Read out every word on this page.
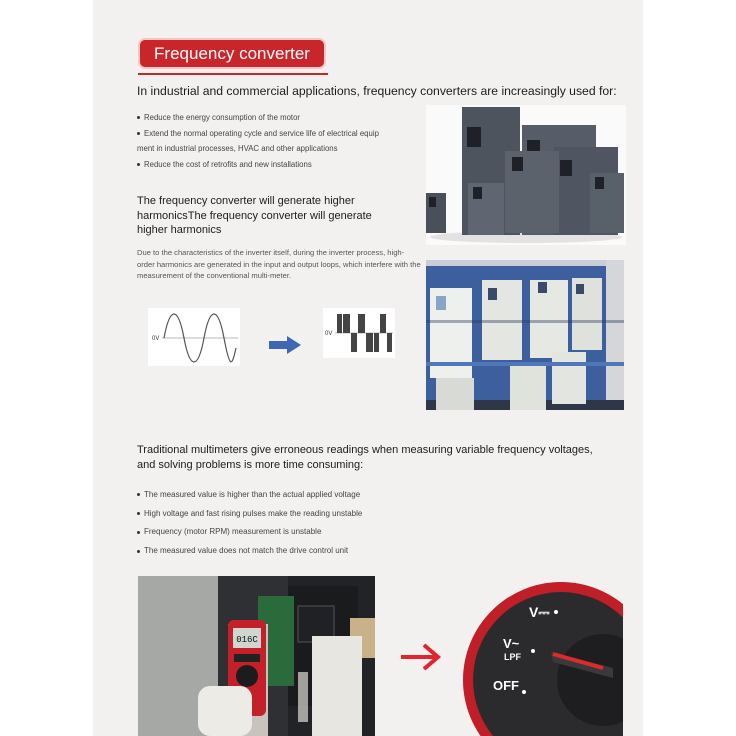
Frequency converter
In industrial and commercial applications, frequency converters are increasingly used for:
Reduce the energy consumption of the motor
Extend the normal operating cycle and service life of electrical equip
ment in industrial processes, HVAC and other applications
Reduce the cost of retrofits and new installations
The frequency converter will generate higher harmonicsThe frequency converter will generate higher harmonics
Due to the characteristics of the inverter itself, during the inverter process, high-order harmonics are generated in the input and output loops, which interfere with the measurement of the conventional multi-meter.
0V
0V
Traditional multimeters give erroneous readings when measuring variable frequency voltages, and solving problems is more time consuming:
The measured value is higher than the actual applied voltage
High voltage and fast rising pulses make the reading unstable
Frequency (motor RPM) measurement is unstable
The measured value does not match the drive control unit
016C
V⎓
V~
LPF
OFF
